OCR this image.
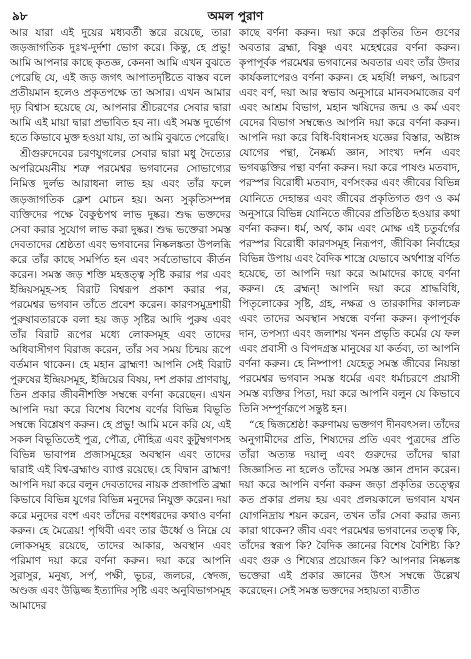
৯৮	অমল পুরাণ

আর যারা এই দুয়ের মধ্যবর্তী স্তরে রয়েছে, তারা জড়জাগতিক দুঃখ-দুর্দশা ভোগ করে। কিন্তু, হে প্রভু! আমি আপনার কাছে কৃতজ্ঞ, কেননা আমি এখন বুঝতে পেরেছি যে, এই জড় জগৎ আপাতদৃষ্টিতে বাস্তব বলে প্রতীয়মান হলেও প্রকৃতপক্ষে তা অসার। এখন আমার দৃঢ় বিশ্বাস হয়েছে যে, আপনার শ্রীচরণের সেবার দ্বারা আমি এই মায়া দ্বারা প্রভাবিত হব না। এই সমস্ত দুর্ভোগ হতে কিভাবে মুক্ত হওয়া যায়, তা আমি বুঝতে পেরেছি।

শ্রীগুরুদেবের চরণযুগলের সেবার দ্বারা মধু দৈত্যের অপরিমেয়নীয় শত্রু পরমেশ্বর ভগবানের সোভাগ্যের নিমিত্ত দুর্লভ আরাধনা লাভ হয় এবং তাঁর ফলে জড়জাগতিক ক্লেশ মোচন হয়। অন্য সুকৃতিসম্পন্ন ব্যক্তিদের পক্ষে বৈকুণ্ঠপথ লাভ দুষ্কর। শুদ্ধ ভক্তদের সেবা করার সুযোগ লাভ করা দুষ্কর। শুদ্ধ ভক্তেরা সমস্ত দেবতাদের শ্রেষ্ঠতা এবং ভগবানের নিষ্কলঙ্কতা উপলব্ধি করে তাঁর কাছে সমর্পিত হন এবং সর্বতোভাবে কীর্তন করেন। সমস্ত জড় শক্তি মহত্তত্ত্ব সৃষ্টি করার পর এবং ইন্দ্রিয়সমূহ-সহ বিরাট বিশ্বরূপ প্রকাশ করার পর, পরমেশ্বর ভগবান তাঁতে প্রবেশ করেন। কারণসমুদ্রশায়ী পুরুষাবতারকে বলা হয় জড় সৃষ্টির আদি পুরুষ এবং তাঁর বিরাট রূপের মধ্যে লোকসমূহ এবং তাদের অধিবাসীগণ বিরাজ করেন, তাঁর সব সময় চিন্ময় রূপে বর্তমান থাকেন। হে মহান ব্রাহ্মণ! আপনি সেই বিরাট পুরুষের ইন্দ্রিয়সমূহ, ইন্দ্রিয়ের বিষয়, দশ প্রকার প্রাণবায়ু, তিন প্রকার জীবনীশক্তি সম্বন্ধে বর্ণনা করেছেন। এখন আপনি দয়া করে বিশেষ বিশেষ বর্ণের বিভিন্ন বিভূতি সম্বন্ধে বিশ্লেষণ করুন। হে প্রভু! আমি মনে করি যে, এই সকল বিভূতিতেই পুত্র, পৌত্র, দৌহিত্র এবং কুটুম্বগণসহ বিভিন্ন ভাবাপন্ন প্রজাসমূহের অবস্থান এবং তাদের দ্বারাই এই বিশ্ব-ব্রহ্মাণ্ড ব্যাপ্ত রয়েছে। হে বিদ্বান ব্রাহ্মণ! আপনি দয়া করে বলুন দেবতাদের নায়ক প্রজাপতি ব্রহ্মা কিভাবে বিভিন্ন যুগের বিভিন্ন মনুদের নিযুক্ত করেন। দয়া করে মনুদের বংশ এবং তাঁদের বংশধরদের কথাও বর্ণনা করুন। হে মৈত্রেয়! পৃথিবী এবং তার ঊর্ধ্বে ও নিম্নে যে লোকসমূহ রয়েছে, তাদের আকার, অবস্থান এবং পরিমাণ দয়া করে বর্ণনা করুন। দয়া করে আপনি সুরাসুর, মনুষ্য, সর্প, পক্ষী, ভূচর, জলচর, স্বেদজ, অণ্ডজ এবং উদ্ভিজ্জ ইত্যাদির সৃষ্টি এবং অনুবিভাগসমূহ আমাদের

কাছে বর্ণনা করুন। দয়া করে প্রকৃতির তিন গুণের অবতার ব্রহ্মা, বিষ্ণু এবং মহেশ্বরের বর্ণনা করুন। কৃপাপূর্বক পরমেশ্বর ভগবানের অবতার এবং তাঁর উদার কার্যকলাপেরও বর্ণনা করুন। হে মহর্ষি! লক্ষণ, আচরণ এবং বর্ণ, দয়া আর স্বভাব অনুসারে মানবসমাজের বর্ণ এবং আশ্রম বিভাগ, মহান ঋষিদের জন্ম ও কর্ম এবং বেদের বিভাগ সম্বন্ধেও আপনি দয়া করে বর্ণনা করুন। আপনি দয়া করে বিধি-বিধানসহ যজ্ঞের বিস্তার, অষ্টাঙ্গ যোগের পন্থা, নৈষ্কর্ম্য জ্ঞান, সাংখ্য দর্শন এবং ভগবদ্ভক্তির পন্থা বর্ণনা করুন। দয়া করে পাষণ্ড মতবাদ, পরস্পর বিরোধী মতবাদ, বর্ণসংকর এবং জীবের বিভিন্ন যোনিতে দেহান্তর এবং জীবের প্রকৃতিগত গুণ ও কর্ম অনুসারে বিভিন্ন যোনিতে জীবের প্রতিষ্ঠিত হওয়ার কথা বর্ণনা করুন। ধর্ম, অর্থ, কাম এবং মোক্ষ এই চতুর্বর্গের পরস্পর বিরোধী কারণসমূহ নিরূপণ, জীবিকা নির্বাহের বিভিন্ন উপায় এবং বৈদিক শাস্ত্রে যেভাবে অর্থশাস্ত্র বর্ণিত হয়েছে, তা আপনি দয়া করে আমাদের কাছে বর্ণনা করুন। হে ব্রহ্মন্! আপনি দয়া করে শ্রাদ্ধবিধি, পিতৃলোকের সৃষ্টি, গ্রহ, নক্ষত্র ও তারকাদির কালচক্র এবং তাদের অবস্থান সম্বন্ধে বর্ণনা করুন। কৃপাপূর্বক দান, তপস্যা এবং জলাশয় খনন প্রভৃতি কর্মের যে ফল এবং প্রবাসী ও বিপদগ্রস্ত মানুষের যা কর্তব্য, তা আপনি বর্ণনা করুন। হে নিষ্পাপ! যেহেতু সমস্ত জীবের নিয়ন্তা পরমেশ্বর ভগবান সমস্ত ধর্মের এবং ধর্মাচরণে প্রয়াসী সমস্ত ব্যক্তির পিতা, দয়া করে আপনি বলুন যে কিভাবে তিনি সম্পূর্ণরূপে সন্তুষ্ট হন।

“হে দ্বিজশ্রেষ্ঠ! করুণাময় ভক্তগণ দীনবৎসল। তাঁদের অনুগামীদের প্রতি, শিষ্যদের প্রতি এবং পুত্রদের প্রতি তাঁরা অত্যন্ত দয়ালু এবং গুরুদের তাঁদের দ্বারা জিজ্ঞাসিত না হলেও তাঁদের সমস্ত জ্ঞান প্রদান করেন। দয়া করে আপনি বর্ণনা করুন জড়া প্রকৃতির তত্ত্বের কত প্রকার প্রলয় হয় এবং প্রলয়কালে ভগবান যখন যোগনিদ্রায় শয়ন করেন, তখন তাঁর সেবা করার জন্য কারা থাকেন? জীব এবং পরমেশ্বর ভগবানের তত্ত্ব কি, তাঁদের স্বরূপ কি? বৈদিক জ্ঞানের বিশেষ বৈশিষ্ট্য কি? এবং গুরু ও শিষ্যের প্রয়োজন কি? আপনার নিষ্কলঙ্ক ভক্তেরা এই প্রকার জ্ঞানের উৎস সম্বন্ধে উল্লেখ করেছেন। সেই সমস্ত ভক্তদের সহায়তা ব্যতীত
